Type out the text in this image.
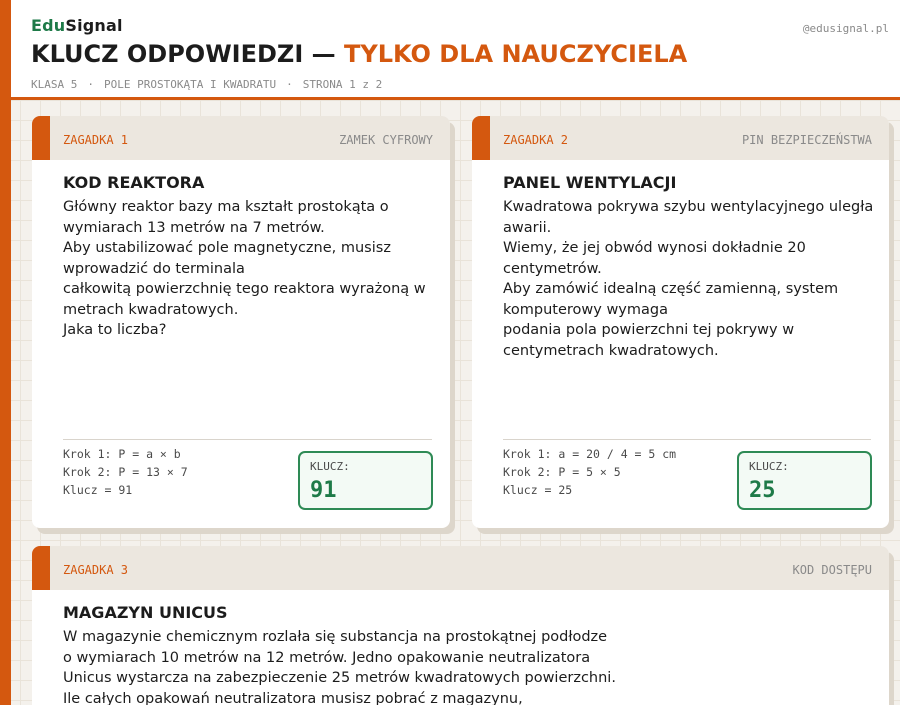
EduSignal	@edusignal.pl
KLUCZ ODPOWIEDZI — TYLKO DLA NAUCZYCIELA
KLASA 5 · POLE PROSTOKĄTA I KWADRATU · STRONA 1 z 2
ZAGADKA 1	ZAMEK CYFROWY
KOD REAKTORA
Główny reaktor bazy ma kształt prostokąta o
wymiarach 13 metrów na 7 metrów.
Aby ustabilizować pole magnetyczne, musisz
wprowadzić do terminala
całkowitą powierzchnię tego reaktora wyrażoną w
metrach kwadratowych.
Jaka to liczba?
Krok 1: P = a × b
Krok 2: P = 13 × 7
Klucz = 91
KLUCZ:
91
ZAGADKA 2	PIN BEZPIECZEŃSTWA
PANEL WENTYLACJI
Kwadratowa pokrywa szybu wentylacyjnego uległa
awarii.
Wiemy, że jej obwód wynosi dokładnie 20
centymetrów.
Aby zamówić idealną część zamienną, system
komputerowy wymaga
podania pola powierzchni tej pokrywy w
centymetrach kwadratowych.
Krok 1: a = 20 / 4 = 5 cm
Krok 2: P = 5 × 5
Klucz = 25
KLUCZ:
25
ZAGADKA 3	KOD DOSTĘPU
MAGAZYN UNICUS
W magazynie chemicznym rozlała się substancja na prostokątnej podłodze
o wymiarach 10 metrów na 12 metrów. Jedno opakowanie neutralizatora
Unicus wystarcza na zabezpieczenie 25 metrów kwadratowych powierzchni.
Ile całych opakowań neutralizatora musisz pobrać z magazynu,
